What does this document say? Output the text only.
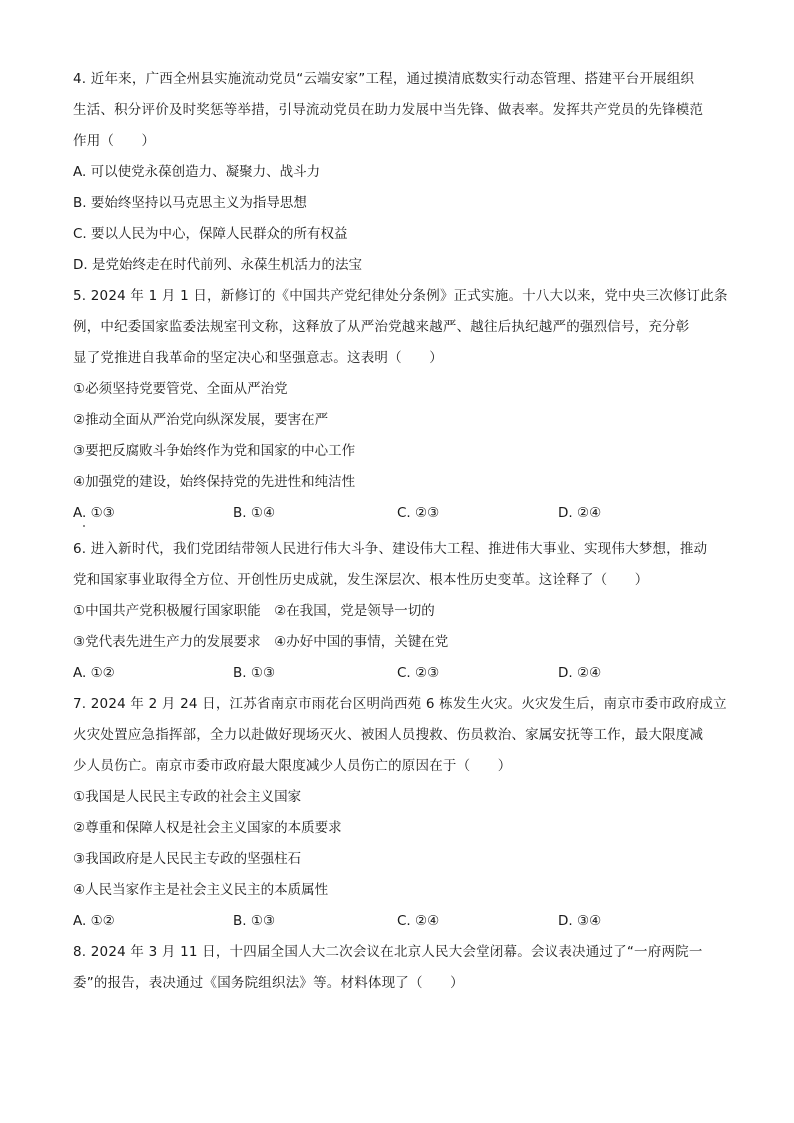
4. 近年来，广西全州县实施流动党员“云端安家”工程，通过摸清底数实行动态管理、搭建平台开展组织
生活、积分评价及时奖惩等举措，引导流动党员在助力发展中当先锋、做表率。发挥共产党员的先锋模范
作用（　　）
A. 可以使党永葆创造力、凝聚力、战斗力
B. 要始终坚持以马克思主义为指导思想
C. 要以人民为中心，保障人民群众的所有权益
D. 是党始终走在时代前列、永葆生机活力的法宝
5. 2024 年 1 月 1 日，新修订的《中国共产党纪律处分条例》正式实施。十八大以来，党中央三次修订此条
例，中纪委国家监委法规室刊文称，这释放了从严治党越来越严、越往后执纪越严的强烈信号，充分彰
显了党推进自我革命的坚定决心和坚强意志。这表明（　　）
①必须坚持党要管党、全面从严治党
②推动全面从严治党向纵深发展，要害在严
③要把反腐败斗争始终作为党和国家的中心工作
④加强党的建设，始终保持党的先进性和纯洁性
A. ①③	B. ①④	C. ②③	D. ②④
6. 进入新时代，我们党团结带领人民进行伟大斗争、建设伟大工程、推进伟大事业、实现伟大梦想，推动
党和国家事业取得全方位、开创性历史成就，发生深层次、根本性历史变革。这诠释了（　　）
①中国共产党积极履行国家职能　②在我国，党是领导一切的
③党代表先进生产力的发展要求　④办好中国的事情，关键在党
A. ①②	B. ①③	C. ②③	D. ②④
7. 2024 年 2 月 24 日，江苏省南京市雨花台区明尚西苑 6 栋发生火灾。火灾发生后，南京市委市政府成立
火灾处置应急指挥部，全力以赴做好现场灭火、被困人员搜救、伤员救治、家属安抚等工作，最大限度减
少人员伤亡。南京市委市政府最大限度减少人员伤亡的原因在于（　　）
①我国是人民民主专政的社会主义国家
②尊重和保障人权是社会主义国家的本质要求
③我国政府是人民民主专政的坚强柱石
④人民当家作主是社会主义民主的本质属性
A. ①②	B. ①③	C. ②④	D. ③④
8. 2024 年 3 月 11 日，十四届全国人大二次会议在北京人民大会堂闭幕。会议表决通过了“一府两院一
委”的报告，表决通过《国务院组织法》等。材料体现了（　　）
